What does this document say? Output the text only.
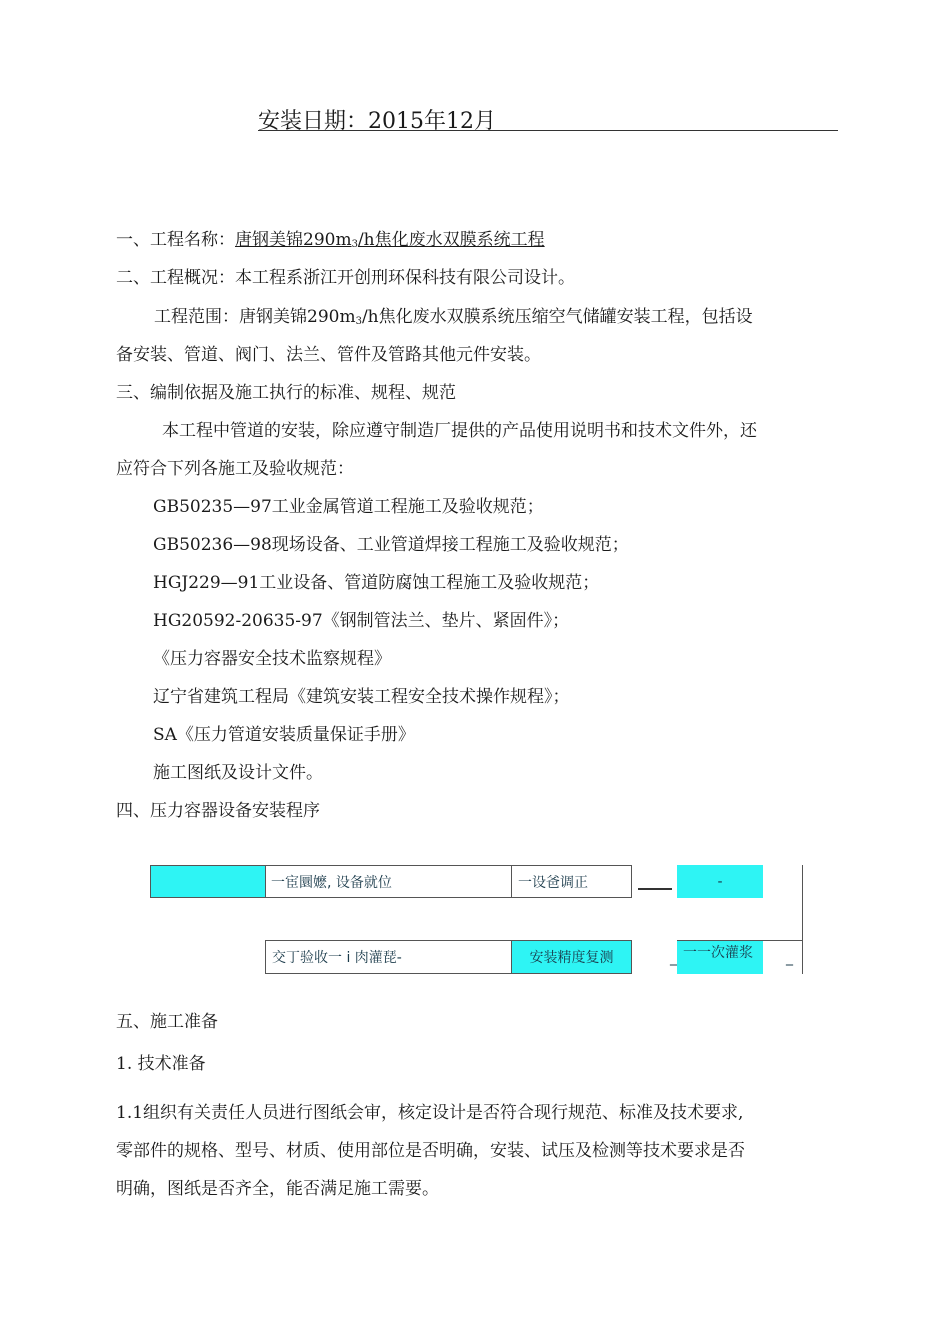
安装日期：2015年12月
一、工程名称：唐钢美锦$290m_3/h$焦化废水双膜系统工程
二、工程概况：本工程系浙江开创刑环保科技有限公司设计。
工程范围：唐钢美锦$290m_3/h$焦化废水双膜系统压缩空气储罐安装工程，包括设
备安装、管道、阀门、法兰、管件及管路其他元件安装。
三、编制依据及施工执行的标准、规程、规范
本工程中管道的安装，除应遵守制造厂提供的产品使用说明书和技术文件外，还
应符合下列各施工及验收规范：
GB50235—97工业金属管道工程施工及验收规范；
GB50236—98现场设备、工业管道焊接工程施工及验收规范；
HGJ229—91工业设备、管道防腐蚀工程施工及验收规范；
HG20592-20635-97《钢制管法兰、垫片、紧固件》；
《压力容器安全技术监察规程》
辽宁省建筑工程局《建筑安装工程安全技术操作规程》；
SA《压力管道安装质量保证手册》
施工图纸及设计文件。
四、压力容器设备安装程序
一宦圜嬷, 设备就位	一设爸调正	-
交丁验收一 i 肉灌琵-	安装精度复测	_ 一一次灌浆 _
五、施工准备
1. 技术准备
1.1组织有关责任人员进行图纸会审，核定设计是否符合现行规范、标准及技术要求,
零部件的规格、型号、材质、使用部位是否明确，安装、试压及检测等技术要求是否
明确，图纸是否齐全，能否满足施工需要。
